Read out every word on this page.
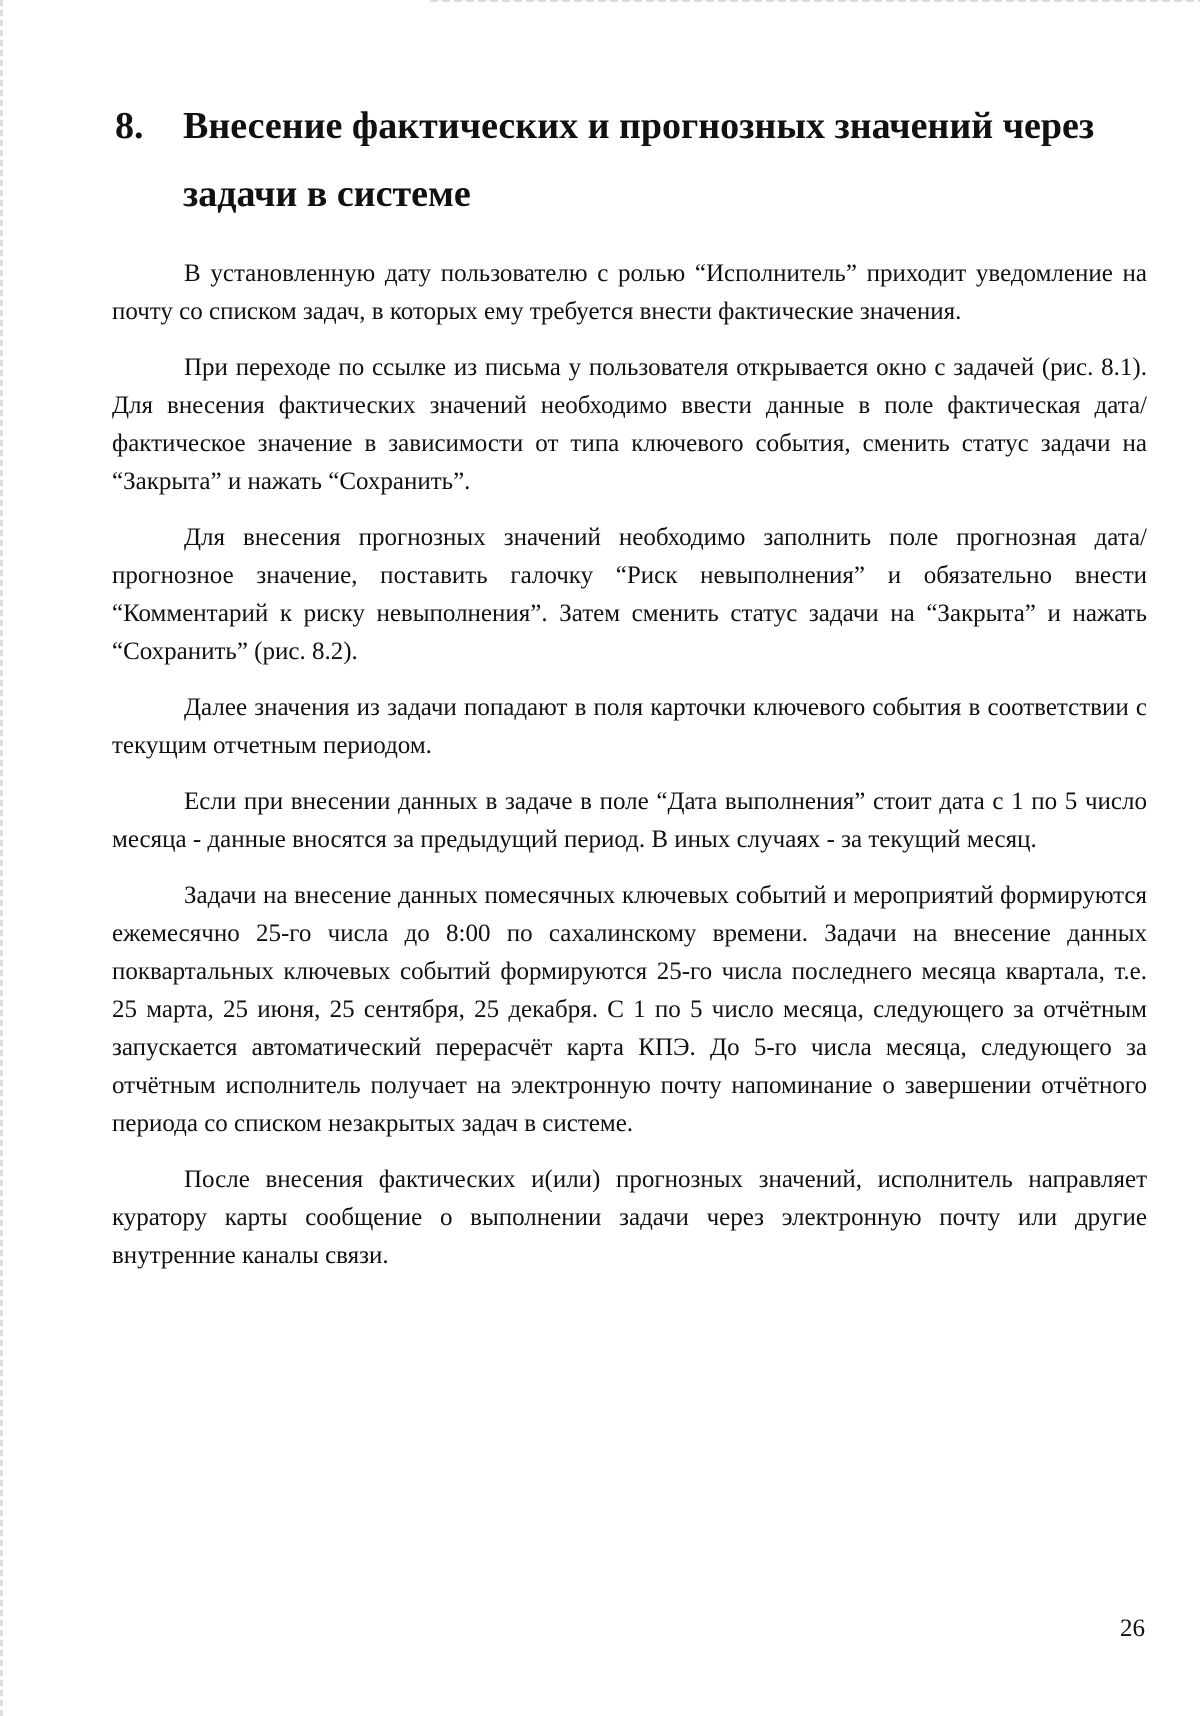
8.	Внесение фактических и прогнозных значений через задачи в системе

В установленную дату пользователю с ролью “Исполнитель” приходит уведомление на почту со списком задач, в которых ему требуется внести фактические значения.

При переходе по ссылке из письма у пользователя открывается окно с задачей (рис. 8.1). Для внесения фактических значений необходимо ввести данные в поле фактическая дата/фактическое значение в зависимости от типа ключевого события, сменить статус задачи на “Закрыта” и нажать “Сохранить”.

Для внесения прогнозных значений необходимо заполнить поле прогнозная дата/прогнозное значение, поставить галочку “Риск невыполнения” и обязательно внести “Комментарий к риску невыполнения”. Затем сменить статус задачи на “Закрыта” и нажать “Сохранить” (рис. 8.2).

Далее значения из задачи попадают в поля карточки ключевого события в соответствии с текущим отчетным периодом.

Если при внесении данных в задаче в поле “Дата выполнения” стоит дата с 1 по 5 число месяца - данные вносятся за предыдущий период. В иных случаях - за текущий месяц.

Задачи на внесение данных помесячных ключевых событий и мероприятий формируются ежемесячно 25-го числа до 8:00 по сахалинскому времени. Задачи на внесение данных поквартальных ключевых событий формируются 25-го числа последнего месяца квартала, т.е. 25 марта, 25 июня, 25 сентября, 25 декабря. С 1 по 5 число месяца, следующего за отчётным запускается автоматический перерасчёт карта КПЭ. До 5-го числа месяца, следующего за отчётным исполнитель получает на электронную почту напоминание о завершении отчётного периода со списком незакрытых задач в системе.

После внесения фактических и(или) прогнозных значений, исполнитель направляет куратору карты сообщение о выполнении задачи через электронную почту или другие внутренние каналы связи.

26
